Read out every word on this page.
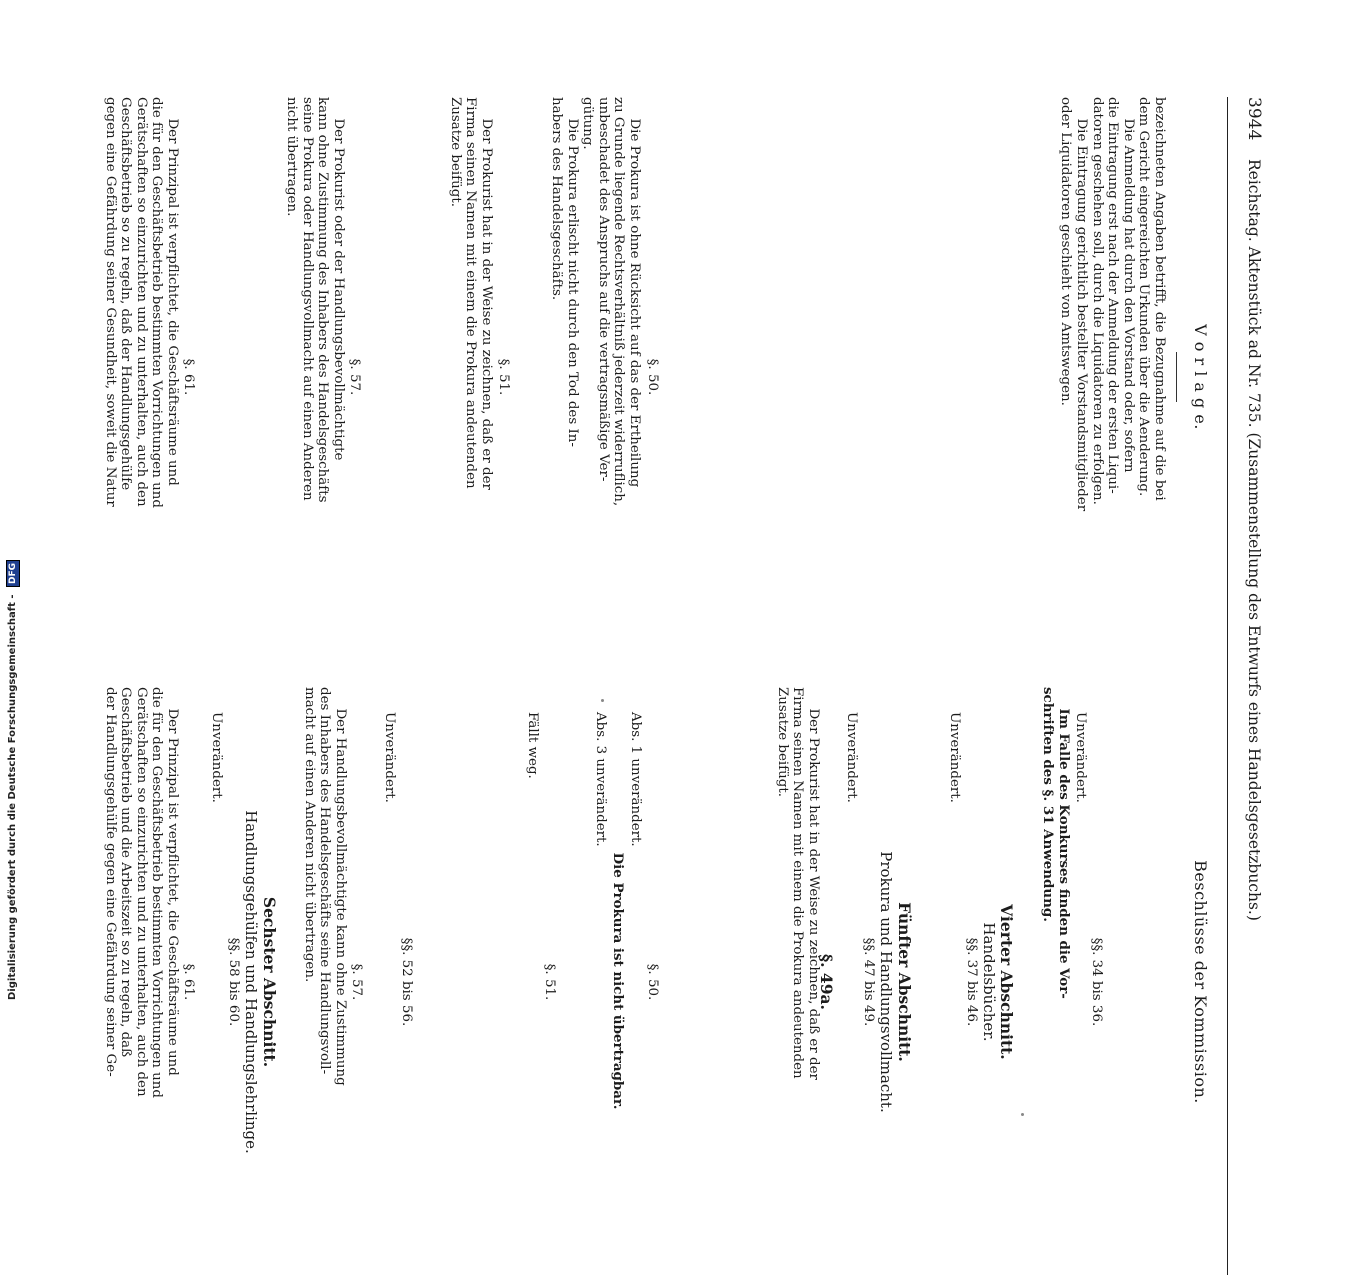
3944
Reichstag. Aktenstück ad Nr. 735. (Zusammenstellung des Entwurfs eines Handelsgesetzbuchs.)
V o r l a g e.
bezeichneten Angaben betrifft, die Bezugnahme auf die bei
dem Gericht eingereichten Urkunden über die Aenderung.
Die Anmeldung hat durch den Vorstand oder, sofern
die Eintragung erst nach der Anmeldung der ersten Liqui-
datoren geschehen soll, durch die Liquidatoren zu erfolgen.
Die Eintragung gerichtlich bestellter Vorstandsmitglieder
oder Liquidatoren geschieht von Amtswegen.
§. 50.
Die Prokura ist ohne Rücksicht auf das der Ertheilung
zu Grunde liegende Rechtsverhältniß jederzeit widerruflich,
unbeschadet des Anspruchs auf die vertragsmäßige Ver-
gütung.
Die Prokura erlischt nicht durch den Tod des In-
habers des Handelsgeschäfts.
§. 51.
Der Prokurist hat in der Weise zu zeichnen, daß er der
Firma seinen Namen mit einem die Prokura andeutenden
Zusatze beifügt.
§. 57.
Der Prokurist oder der Handlungsbevollmächtigte
kann ohne Zustimmung des Inhabers des Handelsgeschäfts
seine Prokura oder Handlungsvollmacht auf einen Anderen
nicht übertragen.
§. 61.
Der Prinzipal ist verpflichtet, die Geschäftsräume und
die für den Geschäftsbetrieb bestimmten Vorrichtungen und
Gerätschaften so einzurichten und zu unterhalten, auch den
Geschäftsbetrieb so zu regeln, daß der Handlungsgehülfe
gegen eine Gefährdung seiner Gesundheit, soweit die Natur
Beschlüsse der Kommission.
§§. 34 bis 36.
Unverändert.
Im Falle des Konkurses finden die Vor-
schriften des §. 31 Anwendung.
Vierter Abschnitt.
Handelsbücher.
§§. 37 bis 46.
Unverändert.
Fünfter Abschnitt.
Prokura und Handlungsvollmacht.
§§. 47 bis 49.
Unverändert.
§. 49a.
Der Prokurist hat in der Weise zu zeichnen, daß er der
Firma seinen Namen mit einem die Prokura andeutenden
Zusatze beifügt.
§. 50.
Abs. 1 unverändert.
Die Prokura ist nicht übertragbar.
Abs. 3 unverändert.
§. 51.
Fällt weg.
§§. 52 bis 56.
Unverändert.
§. 57.
Der Handlungsbevollmächtigte kann ohne Zustimmung
des Inhabers des Handelsgeschäfts seine Handlungsvoll-
macht auf einen Anderen nicht übertragen.
Sechster Abschnitt.
Handlungsgehülfen und Handlungslehrlinge.
§§. 58 bis 60.
Unverändert.
§. 61.
Der Prinzipal ist verpflichtet, die Geschäftsräume und
die für den Geschäftsbetrieb bestimmten Vorrichtungen und
Gerätschaften so einzurichten und zu unterhalten, auch den
Geschäftsbetrieb und die Arbeitszeit so zu regeln, daß
der Handlungsgehülfe gegen eine Gefährdung seiner Ge-
Digitalisierung gefördert durch die Deutsche Forschungsgemeinschaft - DFG
